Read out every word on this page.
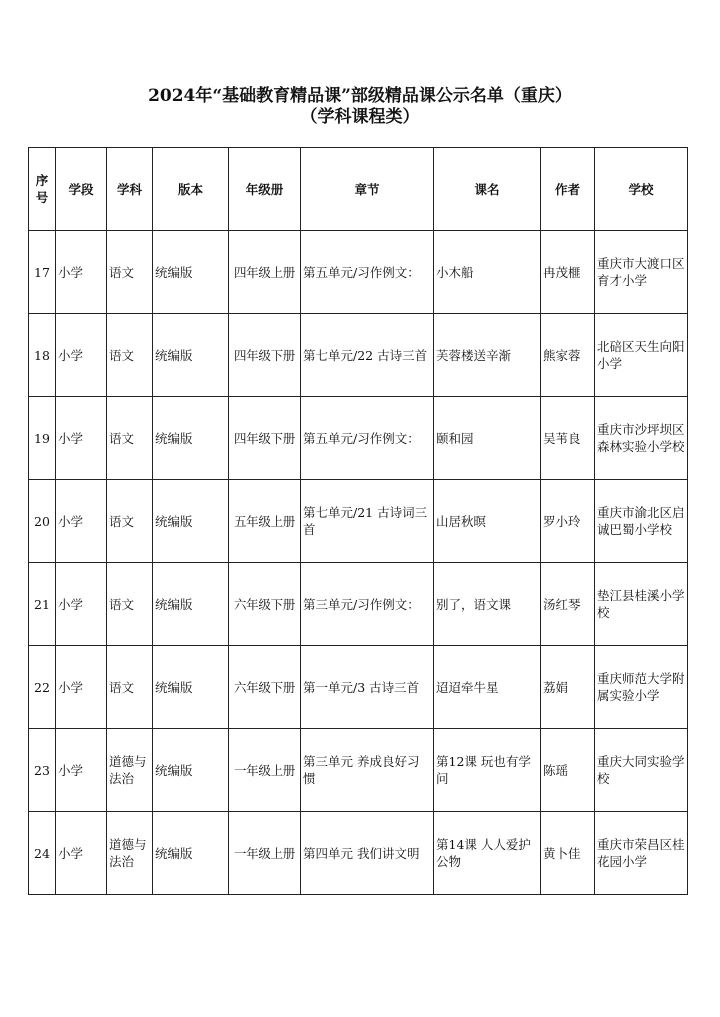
2024年“基础教育精品课”部级精品课公示名单（重庆）
（学科课程类）
序号	学段	学科	版本	年级册	章节	课名	作者	学校
17	小学	语文	统编版	四年级上册	第五单元/习作例文：	小木船	冉茂榧	重庆市大渡口区育才小学
18	小学	语文	统编版	四年级下册	第七单元/22 古诗三首	芙蓉楼送辛渐	熊家蓉	北碚区天生向阳小学
19	小学	语文	统编版	四年级下册	第五单元/习作例文：	颐和园	吴苇良	重庆市沙坪坝区森林实验小学校
20	小学	语文	统编版	五年级上册	第七单元/21 古诗词三首	山居秋暝	罗小玲	重庆市渝北区启诚巴蜀小学校
21	小学	语文	统编版	六年级下册	第三单元/习作例文：	别了，语文课	汤红琴	垫江县桂溪小学校
22	小学	语文	统编版	六年级下册	第一单元/3 古诗三首	迢迢牵牛星	荔娟	重庆师范大学附属实验小学
23	小学	道德与法治	统编版	一年级上册	第三单元 养成良好习惯	第12课 玩也有学问	陈瑶	重庆大同实验学校
24	小学	道德与法治	统编版	一年级上册	第四单元 我们讲文明	第14课 人人爱护公物	黄卜佳	重庆市荣昌区桂花园小学
